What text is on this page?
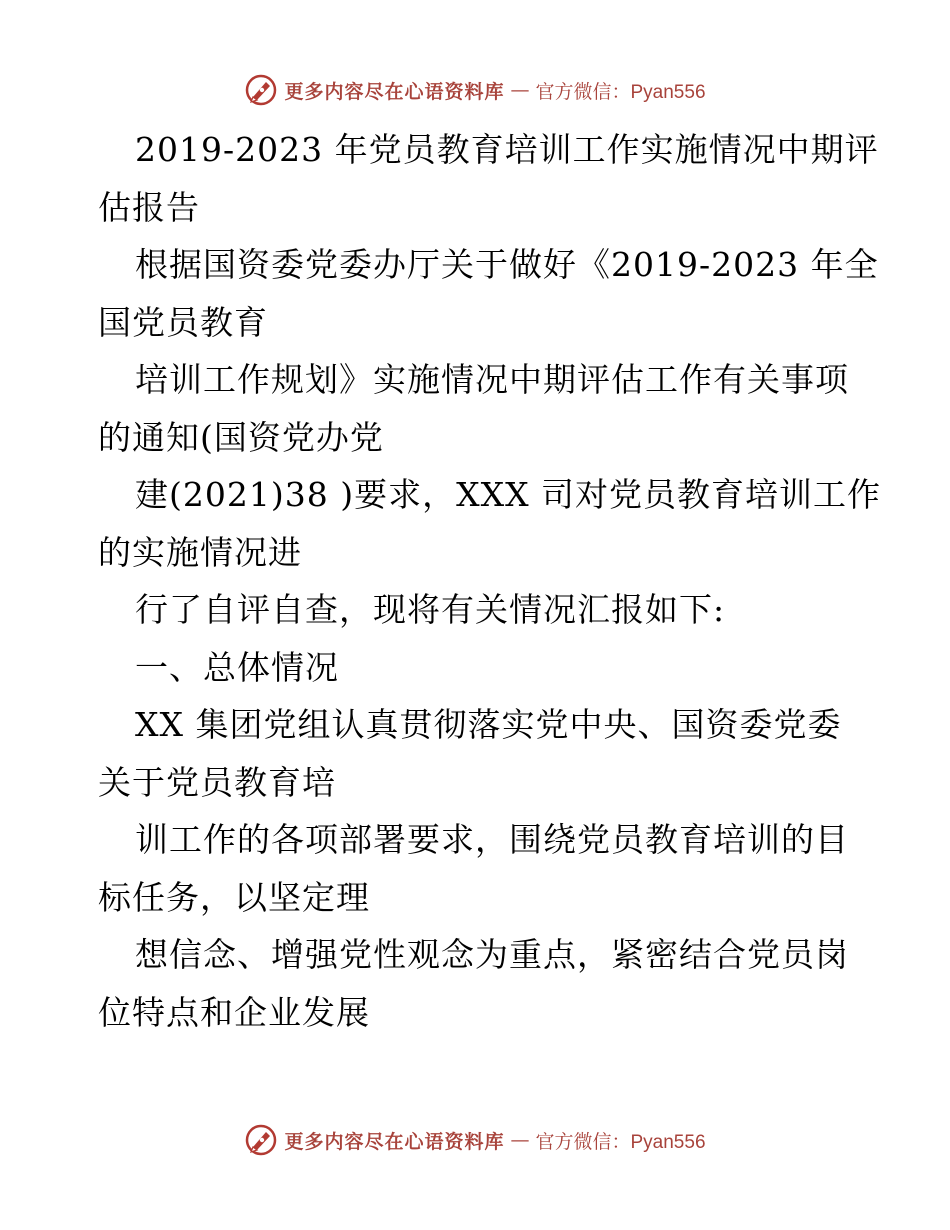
更多内容尽在心语资料库 — 官方微信：Pyan556

2019-2023 年党员教育培训工作实施情况中期评
估报告

根据国资委党委办厅关于做好《2019-2023 年全
国党员教育

培训工作规划》实施情况中期评估工作有关事项
的通知(国资党办党

建(2021)38 )要求，XXX 司对党员教育培训工作
的实施情况进

行了自评自查，现将有关情况汇报如下:

一、总体情况

XX 集团党组认真贯彻落实党中央、国资委党委
关于党员教育培

训工作的各项部署要求，围绕党员教育培训的目
标任务，以坚定理

想信念、增强党性观念为重点，紧密结合党员岗
位特点和企业发展

更多内容尽在心语资料库 — 官方微信：Pyan556
